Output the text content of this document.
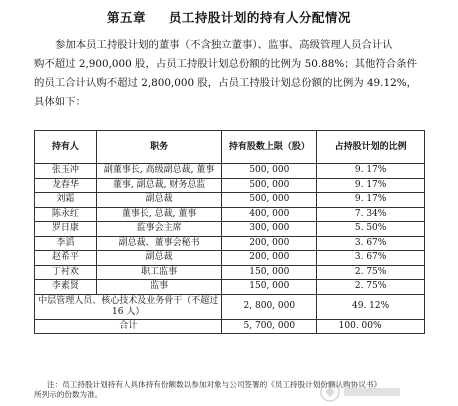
第五章 员工持股计划的持有人分配情况
参加本员工持股计划的董事（不含独立董事）、监事、高级管理人员合计认
购不超过 2,900,000 股，占员工持股计划总份额的比例为 50.88%；其他符合条件
的员工合计认购不超过 2,800,000 股，占员工持股计划总份额的比例为 49.12%，
具体如下：
持有人	职务	持有股数上限（股）	占持股计划的比例
张玉冲	副董事长, 高级副总裁, 董事	500, 000	9. 17%
龙春华	董事, 副总裁, 财务总监	500, 000	9. 17%
刘霜	副总裁	500, 000	9. 17%
陈永红	董事长, 总裁, 董事	400, 000	7. 34%
罗日康	监事会主席	300, 000	5. 50%
李滔	副总裁、董事会秘书	200, 000	3. 67%
赵希平	副总裁	200, 000	3. 67%
丁衬欢	职工监事	150, 000	2. 75%
李素贤	监事	150, 000	2. 75%
中层管理人员、核心技术及业务骨干（不超过 16 人）		2, 800, 000	49. 12%
合计		5, 700, 000	100. 00%
注：员工持股计划持有人具体持有份额数以参加对象与公司签署的《员工持股计划份额认购协议书》
所列示的份数为准。
